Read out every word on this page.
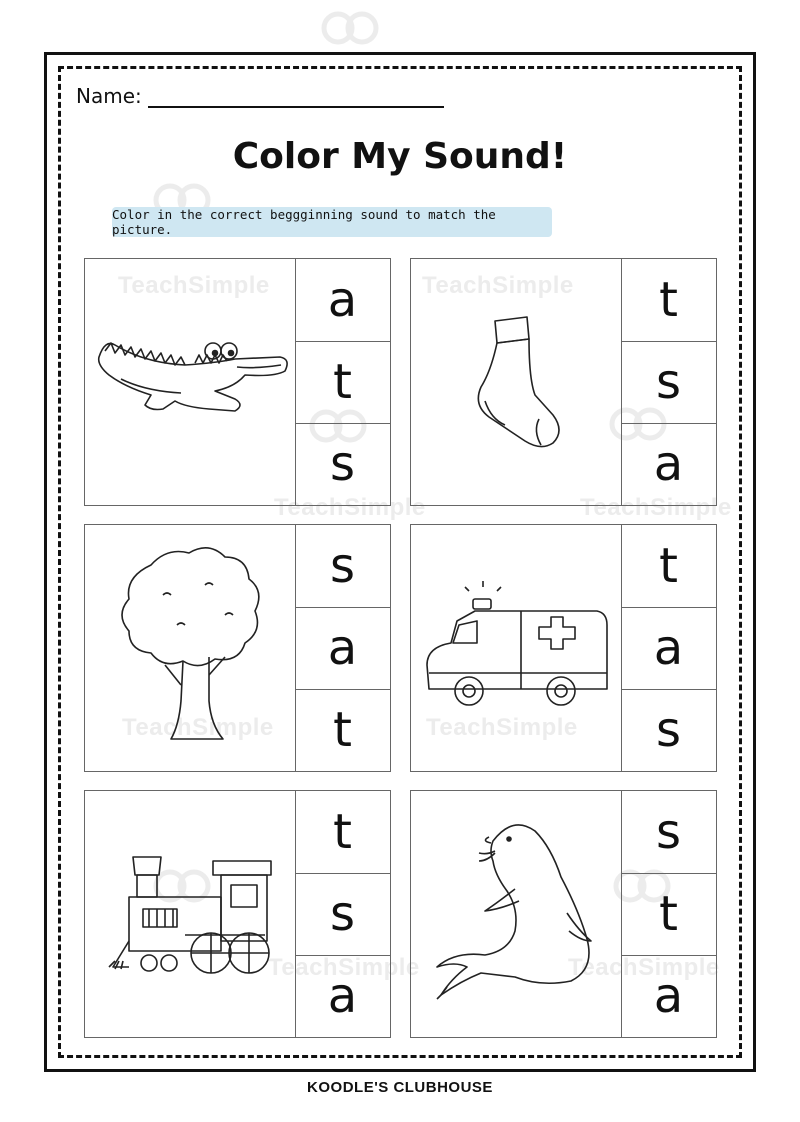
TeachSimple	TeachSimple
TeachSimple	TeachSimple
TeachSimple	TeachSimple
TeachSimple	TeachSimple
Name:
Color My Sound!
Color in the correct beggginning sound to match the picture.
a
t
s
t
s
a
s
a
t
t
a
s
t
s
a
s
t
a
KOODLE'S CLUBHOUSE
